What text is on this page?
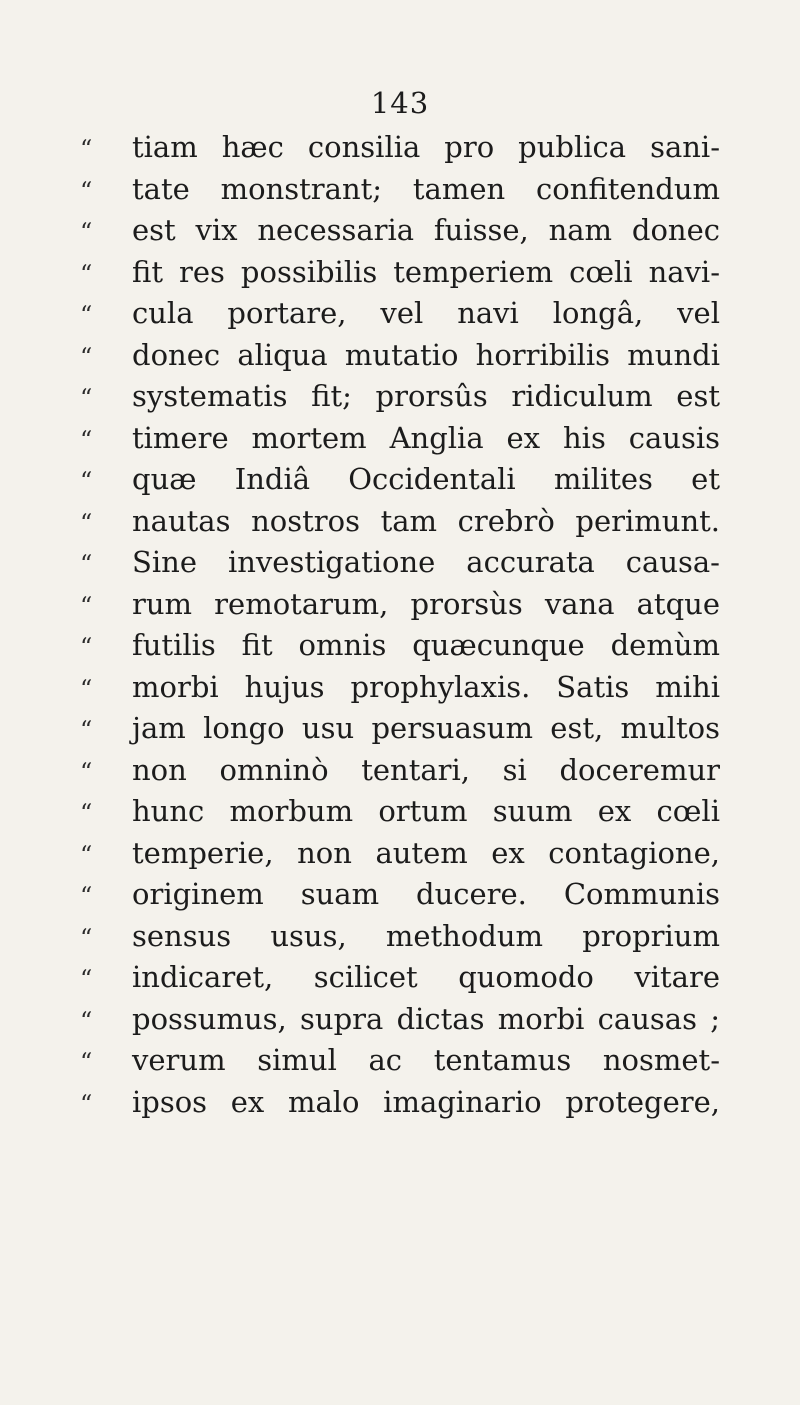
143
“	tiam hæc consilia pro publica sani-
“	tate monstrant; tamen confitendum
“	est vix necessaria fuisse, nam donec
“	fit res possibilis temperiem cœli navi-
“	cula portare, vel navi longâ, vel
“	donec aliqua mutatio horribilis mundi
“	systematis fit; prorsûs ridiculum est
“	timere mortem Anglia ex his causis
“	quæ Indiâ Occidentali milites et
“	nautas nostros tam crebrò perimunt.
“	Sine investigatione accurata causa-
“	rum remotarum, prorsùs vana atque
“	futilis fit omnis quæcunque demùm
“	morbi hujus prophylaxis. Satis mihi
“	jam longo usu persuasum est, multos
“	non omninò tentari, si doceremur
“	hunc morbum ortum suum ex cœli
“	temperie, non autem ex contagione,
“	originem suam ducere. Communis
“	sensus usus, methodum proprium
“	indicaret, scilicet quomodo vitare
“	possumus, supra dictas morbi causas ;
“	verum simul ac tentamus nosmet-
“	ipsos ex malo imaginario protegere,
